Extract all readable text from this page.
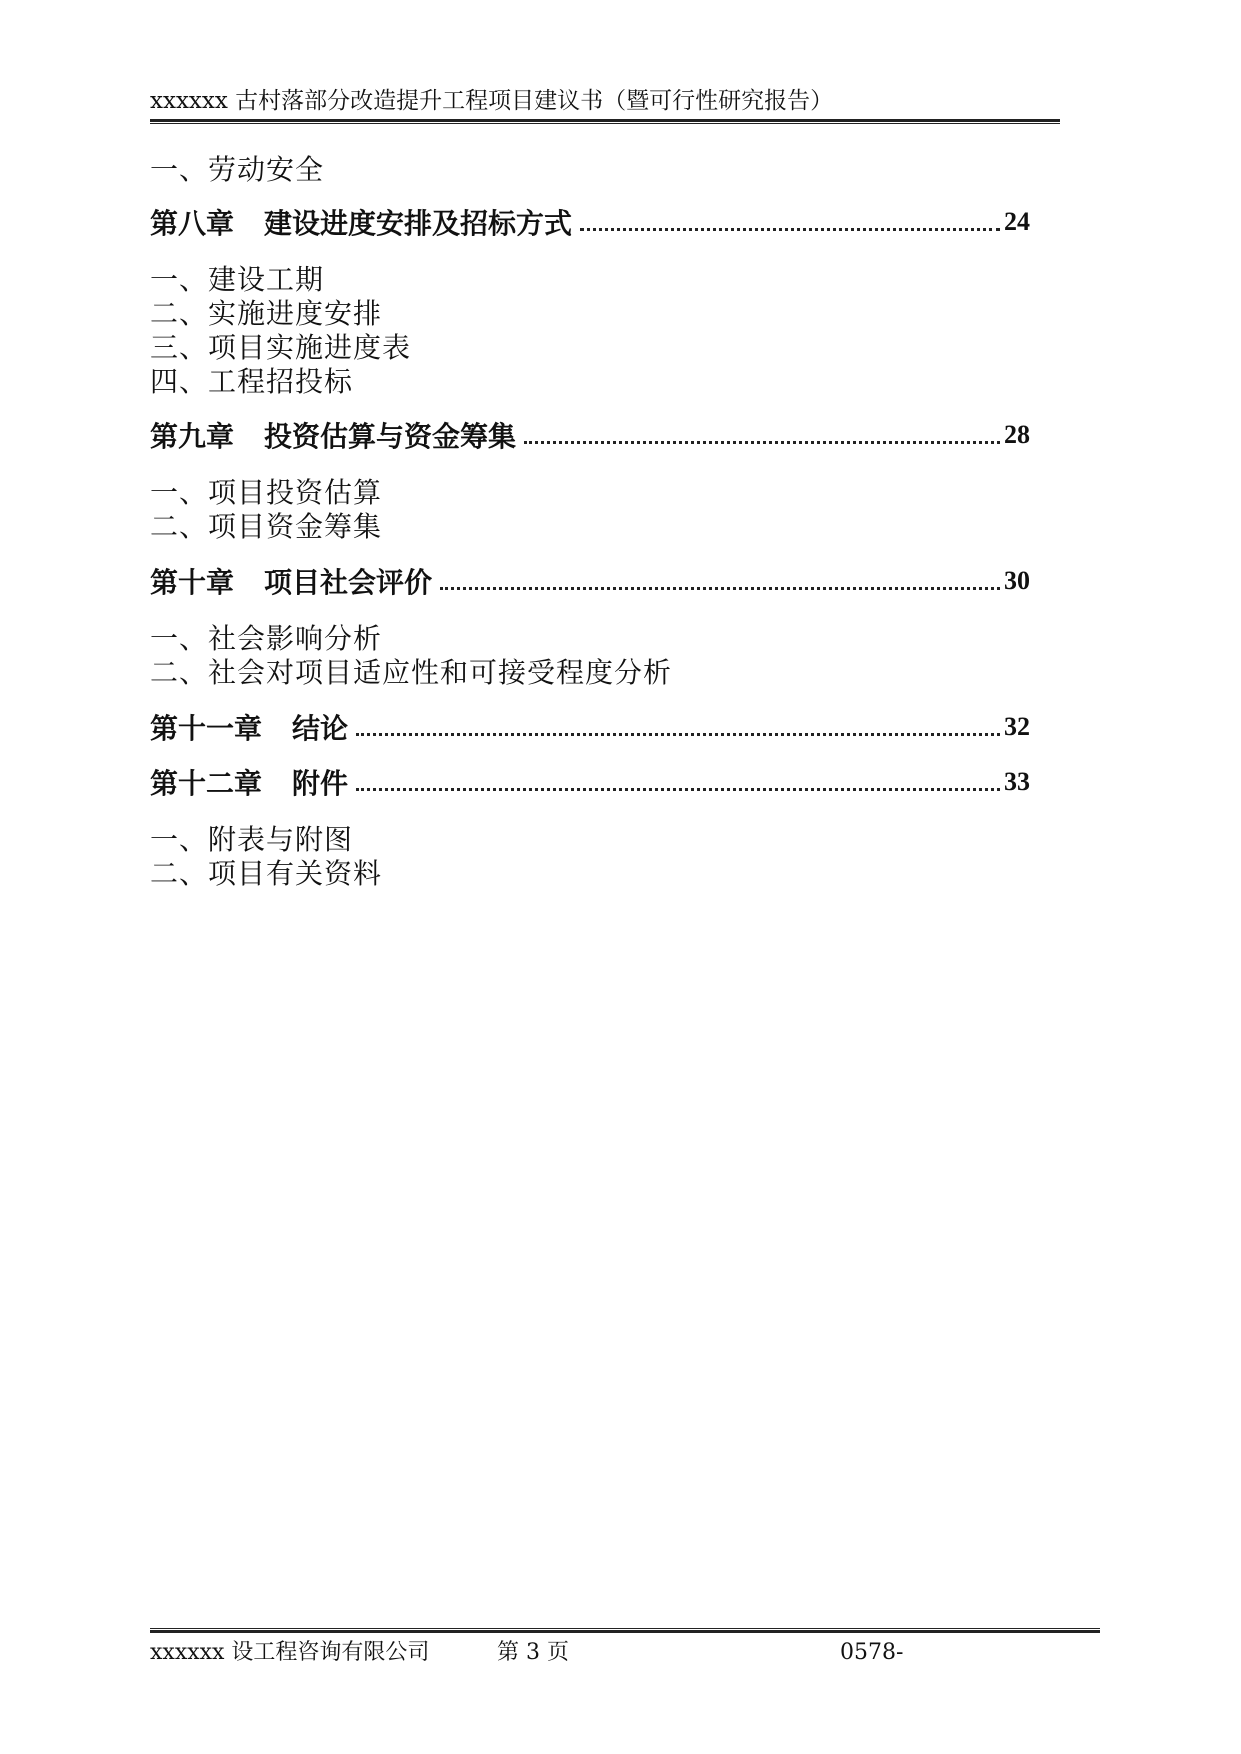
xxxxxx 古村落部分改造提升工程项目建议书（暨可行性研究报告）
一、劳动安全
第八章 建设进度安排及招标方式	24
一、建设工期
二、实施进度安排
三、项目实施进度表
四、工程招投标
第九章 投资估算与资金筹集	28
一、项目投资估算
二、项目资金筹集
第十章 项目社会评价	30
一、社会影响分析
二、社会对项目适应性和可接受程度分析
第十一章 结论	32
第十二章 附件	33
一、附表与附图
二、项目有关资料
xxxxxx 设工程咨询有限公司	第 3 页	0578-
